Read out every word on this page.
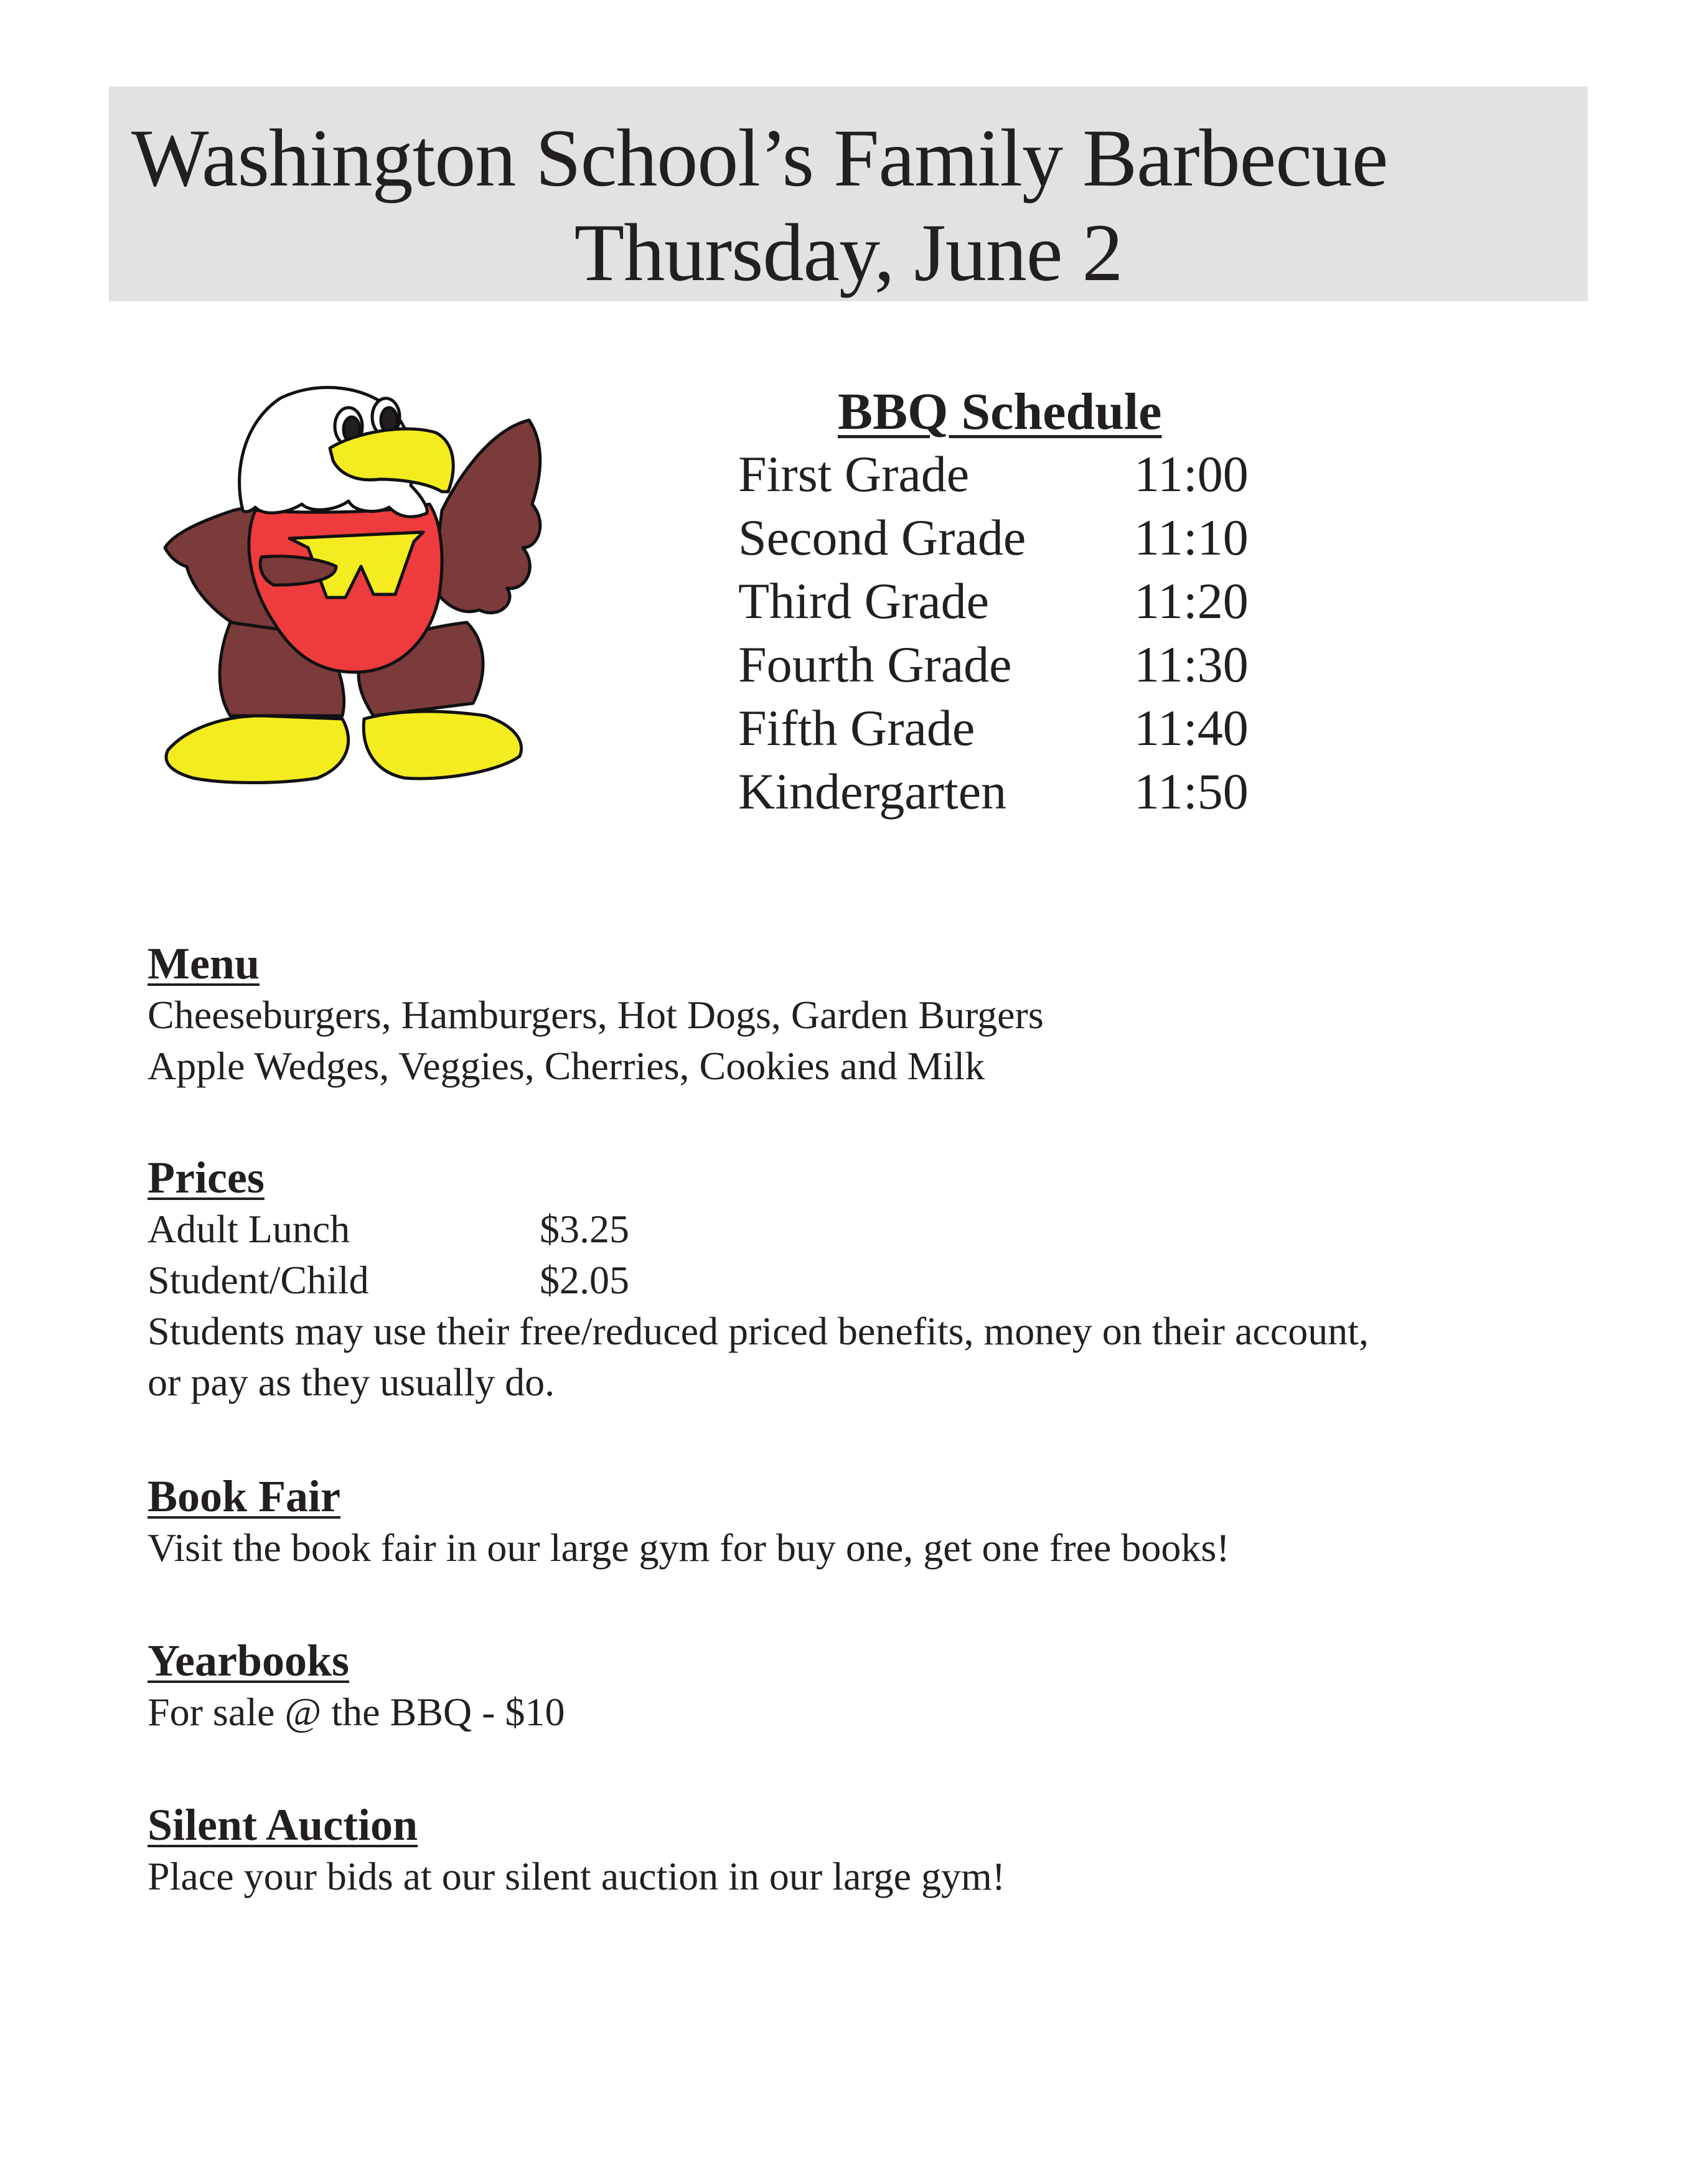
Washington School’s Family Barbecue
Thursday, June 2
BBQ Schedule
First Grade	11:00
Second Grade 11:10
Third Grade	11:20
Fourth Grade 11:30
Fifth Grade	11:40
Kindergarten 11:50
Menu

Cheeseburgers, Hamburgers, Hot Dogs, Garden Burgers

Apple Wedges, Veggies, Cherries, Cookies and Milk

Prices
Adult Lunch	$3.25
Student/Child	$2.05

Students may use their free/reduced priced benefits, money on their account,

or pay as they usually do.

Book Fair

Visit the book fair in our large gym for buy one, get one free books!

Yearbooks

For sale @ the BBQ - $10

Silent Auction

Place your bids at our silent auction in our large gym!
